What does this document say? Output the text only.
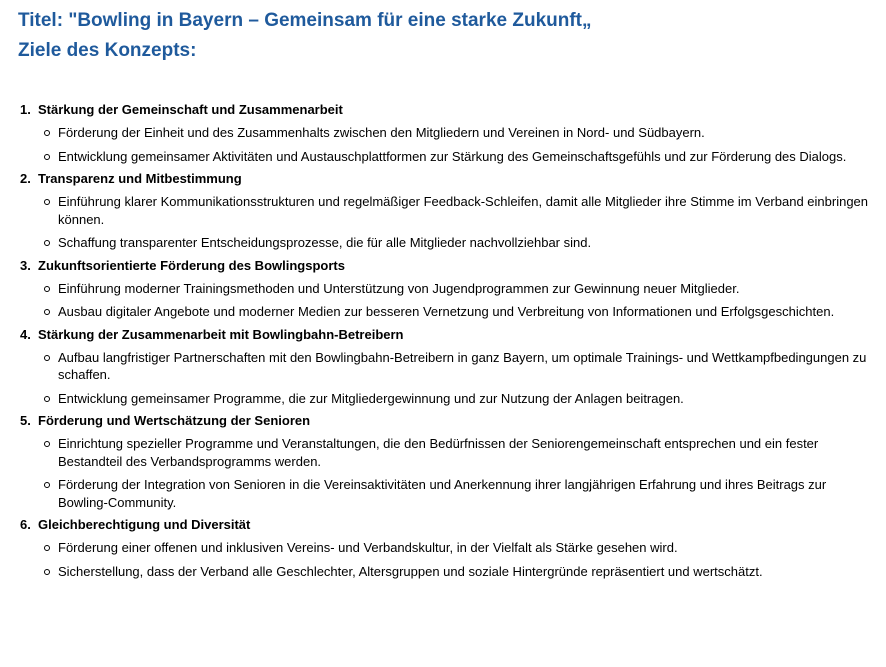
Titel: "Bowling in Bayern – Gemeinsam für eine starke Zukunft„
Ziele des Konzepts:
1. Stärkung der Gemeinschaft und Zusammenarbeit
Förderung der Einheit und des Zusammenhalts zwischen den Mitgliedern und Vereinen in Nord- und Südbayern.
Entwicklung gemeinsamer Aktivitäten und Austauschplattformen zur Stärkung des Gemeinschaftsgefühls und zur Förderung des Dialogs.
2. Transparenz und Mitbestimmung
Einführung klarer Kommunikationsstrukturen und regelmäßiger Feedback-Schleifen, damit alle Mitglieder ihre Stimme im Verband einbringen können.
Schaffung transparenter Entscheidungsprozesse, die für alle Mitglieder nachvollziehbar sind.
3. Zukunftsorientierte Förderung des Bowlingsports
Einführung moderner Trainingsmethoden und Unterstützung von Jugendprogrammen zur Gewinnung neuer Mitglieder.
Ausbau digitaler Angebote und moderner Medien zur besseren Vernetzung und Verbreitung von Informationen und Erfolgsgeschichten.
4. Stärkung der Zusammenarbeit mit Bowlingbahn-Betreibern
Aufbau langfristiger Partnerschaften mit den Bowlingbahn-Betreibern in ganz Bayern, um optimale Trainings- und Wettkampfbedingungen zu schaffen.
Entwicklung gemeinsamer Programme, die zur Mitgliedergewinnung und zur Nutzung der Anlagen beitragen.
5. Förderung und Wertschätzung der Senioren
Einrichtung spezieller Programme und Veranstaltungen, die den Bedürfnissen der Seniorengemeinschaft entsprechen und ein fester Bestandteil des Verbandsprogramms werden.
Förderung der Integration von Senioren in die Vereinsaktivitäten und Anerkennung ihrer langjährigen Erfahrung und ihres Beitrags zur Bowling-Community.
6. Gleichberechtigung und Diversität
Förderung einer offenen und inklusiven Vereins- und Verbandskultur, in der Vielfalt als Stärke gesehen wird.
Sicherstellung, dass der Verband alle Geschlechter, Altersgruppen und soziale Hintergründe repräsentiert und wertschätzt.
